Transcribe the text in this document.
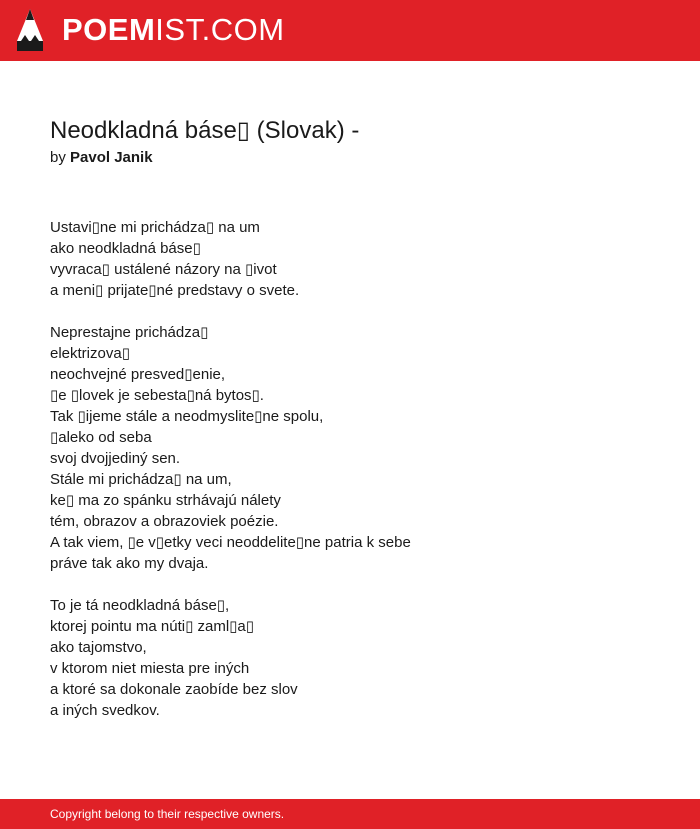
POEMIST.COM
Neodkladná báse▯ (Slovak) -
by Pavol Janik
Ustavi▯ne mi prichádza▯ na um
ako neodkladná báse▯
vyvraca▯ ustálené názory na ▯ivot
a meni▯ prijate▯né predstavy o svete.
Neprestajne prichádza▯
elektrizova▯
neochvejné presved▯enie,
▯e ▯lovek je sebesta▯ná bytos▯.
Tak ▯ijeme stále a neodmyslite▯ne spolu,
▯aleko od seba
svoj dvojjediný sen.
Stále mi prichádza▯ na um,
ke▯ ma zo spánku strhávajú nálety
tém, obrazov a obrazoviek poézie.
A tak viem, ▯e v▯etky veci neoddelite▯ne patria k sebe
práve tak ako my dvaja.
To je tá neodkladná báse▯,
ktorej pointu ma núti▯ zaml▯a▯
ako tajomstvo,
v ktorom niet miesta pre iných
a ktoré sa dokonale zaobíde bez slov
a iných svedkov.
Copyright belong to their respective owners.
